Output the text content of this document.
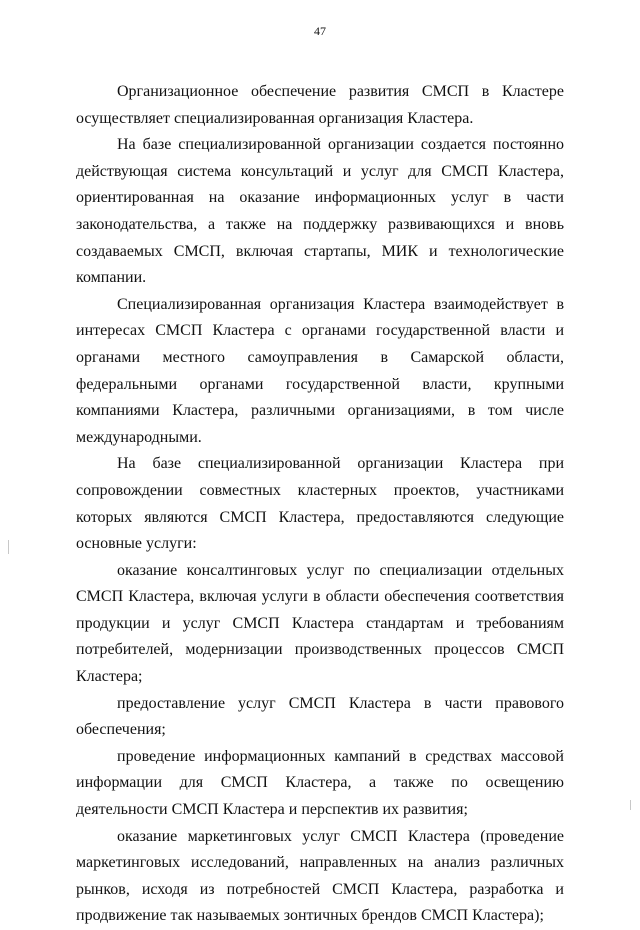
47

Организационное обеспечение развития СМСП в Кластере осуществляет специализированная организация Кластера.

На базе специализированной организации создается постоянно действующая система консультаций и услуг для СМСП Кластера, ориентированная на оказание информационных услуг в части законодательства, а также на поддержку развивающихся и вновь создаваемых СМСП, включая стартапы, МИК и технологические компании.

Специализированная организация Кластера взаимодействует в интересах СМСП Кластера с органами государственной власти и органами местного самоуправления в Самарской области, федеральными органами государственной власти, крупными компаниями Кластера, различными организациями, в том числе международными.

На базе специализированной организации Кластера при сопровождении совместных кластерных проектов, участниками которых являются СМСП Кластера, предоставляются следующие основные услуги:

оказание консалтинговых услуг по специализации отдельных СМСП Кластера, включая услуги в области обеспечения соответствия продукции и услуг СМСП Кластера стандартам и требованиям потребителей, модернизации производственных процессов СМСП Кластера;

предоставление услуг СМСП Кластера в части правового обеспечения;

проведение информационных кампаний в средствах массовой информации для СМСП Кластера, а также по освещению деятельности СМСП Кластера и перспектив их развития;

оказание маркетинговых услуг СМСП Кластера (проведение маркетинговых исследований, направленных на анализ различных рынков, исходя из потребностей СМСП Кластера, разработка и продвижение так называемых зонтичных брендов СМСП Кластера);
